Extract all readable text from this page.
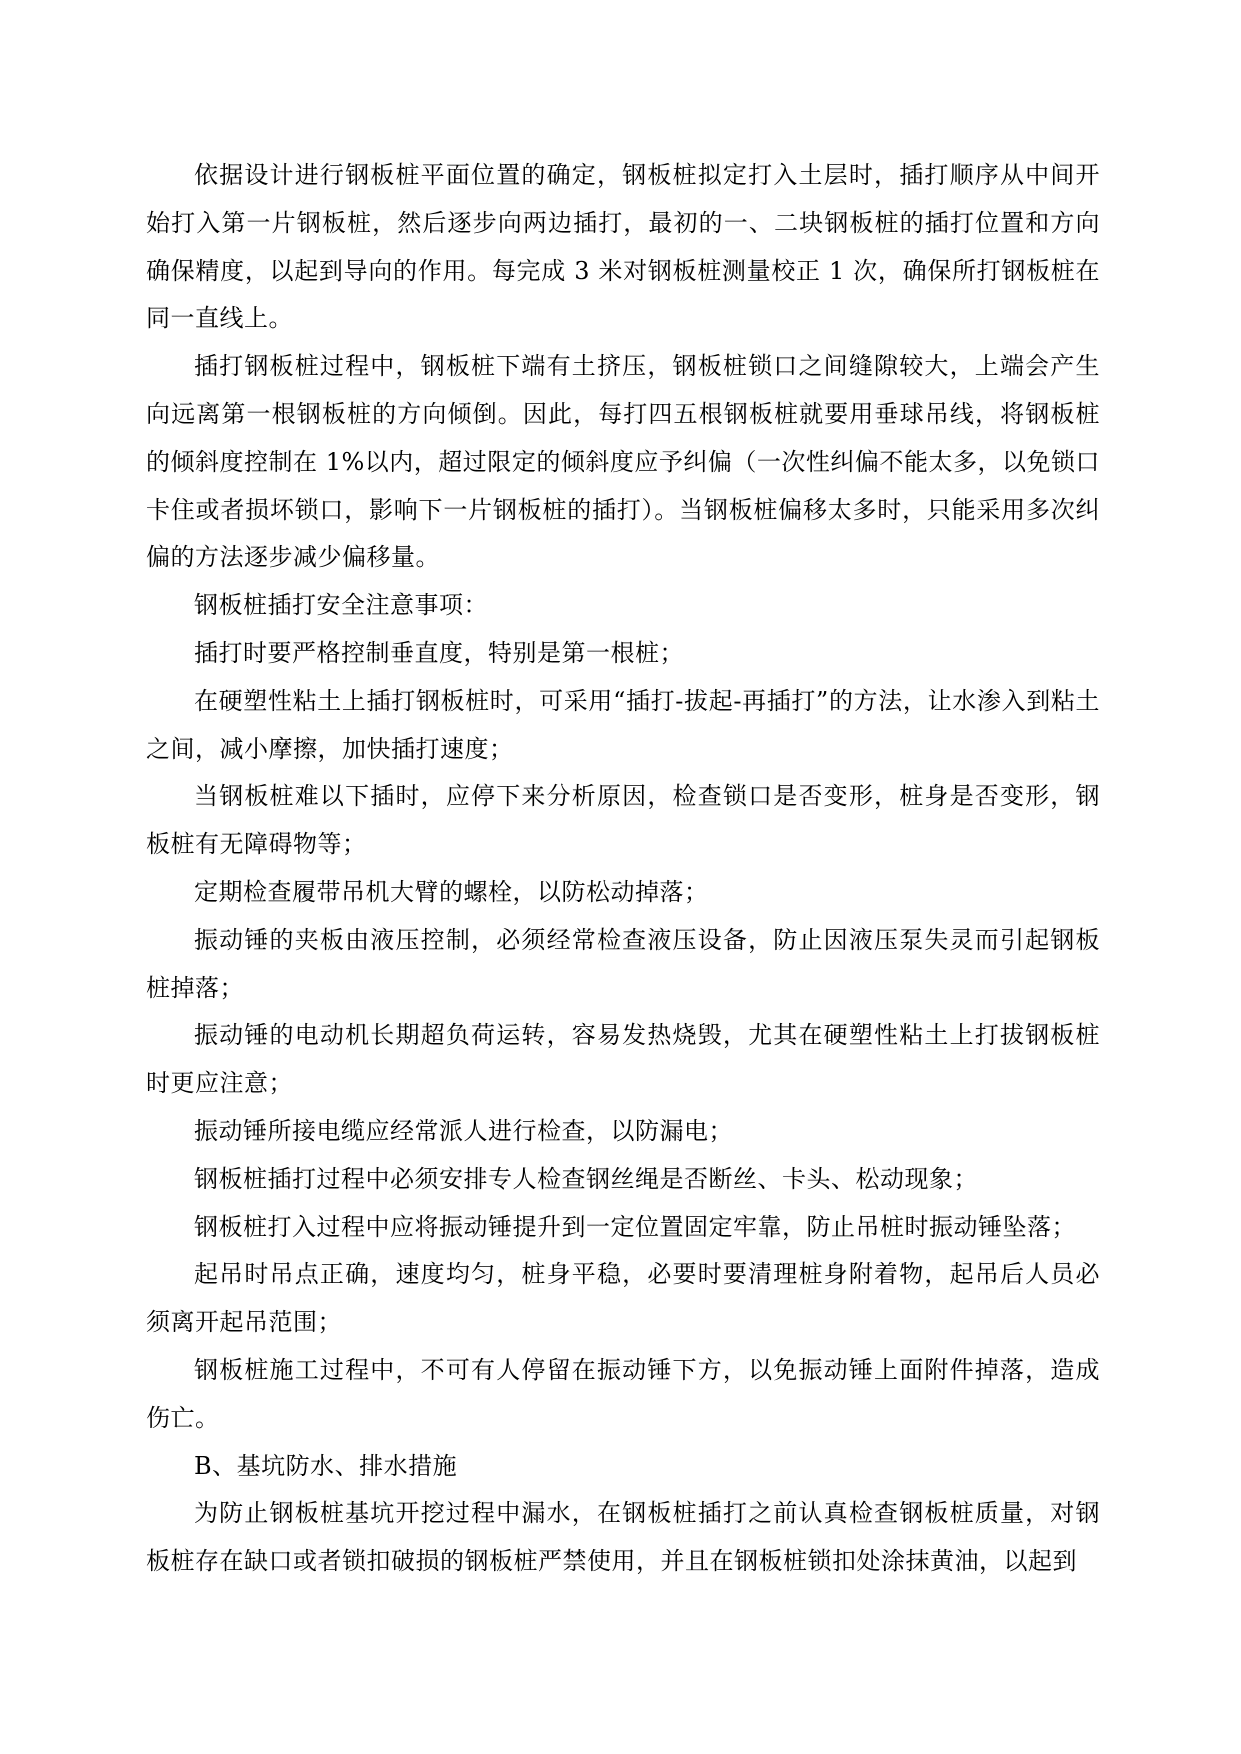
依据设计进行钢板桩平面位置的确定，钢板桩拟定打入土层时，插打顺序从中间开始打入第一片钢板桩，然后逐步向两边插打，最初的一、二块钢板桩的插打位置和方向确保精度，以起到导向的作用。每完成 3 米对钢板桩测量校正 1 次，确保所打钢板桩在同一直线上。

插打钢板桩过程中，钢板桩下端有土挤压，钢板桩锁口之间缝隙较大，上端会产生向远离第一根钢板桩的方向倾倒。因此，每打四五根钢板桩就要用垂球吊线，将钢板桩的倾斜度控制在 1%以内，超过限定的倾斜度应予纠偏（一次性纠偏不能太多，以免锁口卡住或者损坏锁口，影响下一片钢板桩的插打）。当钢板桩偏移太多时，只能采用多次纠偏的方法逐步减少偏移量。

钢板桩插打安全注意事项：

插打时要严格控制垂直度，特别是第一根桩；

在硬塑性粘土上插打钢板桩时，可采用“插打-拔起-再插打”的方法，让水渗入到粘土之间，减小摩擦，加快插打速度；

当钢板桩难以下插时，应停下来分析原因，检查锁口是否变形，桩身是否变形，钢板桩有无障碍物等；

定期检查履带吊机大臂的螺栓，以防松动掉落；

振动锤的夹板由液压控制，必须经常检查液压设备，防止因液压泵失灵而引起钢板桩掉落；

振动锤的电动机长期超负荷运转，容易发热烧毁，尤其在硬塑性粘土上打拔钢板桩时更应注意；

振动锤所接电缆应经常派人进行检查，以防漏电；

钢板桩插打过程中必须安排专人检查钢丝绳是否断丝、卡头、松动现象；

钢板桩打入过程中应将振动锤提升到一定位置固定牢靠，防止吊桩时振动锤坠落；

起吊时吊点正确，速度均匀，桩身平稳，必要时要清理桩身附着物，起吊后人员必须离开起吊范围；

钢板桩施工过程中，不可有人停留在振动锤下方，以免振动锤上面附件掉落，造成伤亡。

B、基坑防水、排水措施

为防止钢板桩基坑开挖过程中漏水，在钢板桩插打之前认真检查钢板桩质量，对钢板桩存在缺口或者锁扣破损的钢板桩严禁使用，并且在钢板桩锁扣处涂抹黄油，以起到
